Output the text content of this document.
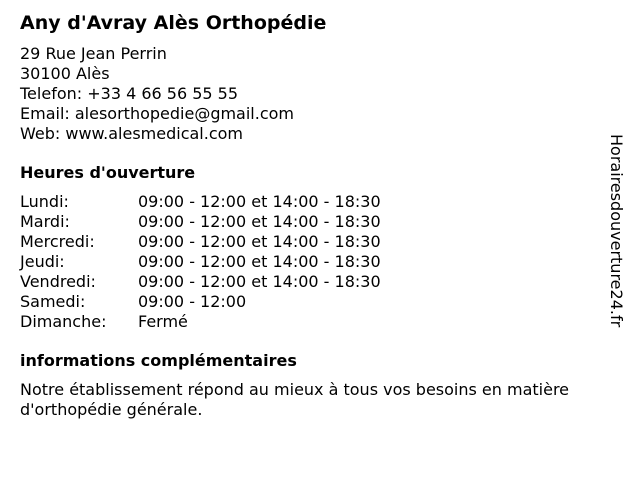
Any d'Avray Alès Orthopédie
29 Rue Jean Perrin
30100 Alès
Telefon: +33 4 66 56 55 55
Email: alesorthopedie@gmail.com
Web: www.alesmedical.com
Heures d'ouverture
Lundi:	09:00 - 12:00 et 14:00 - 18:30
Mardi:	09:00 - 12:00 et 14:00 - 18:30
Mercredi:	09:00 - 12:00 et 14:00 - 18:30
Jeudi:	09:00 - 12:00 et 14:00 - 18:30
Vendredi:	09:00 - 12:00 et 14:00 - 18:30
Samedi:	09:00 - 12:00
Dimanche:	Fermé
informations complémentaires
Notre établissement répond au mieux à tous vos besoins en matière d'orthopédie générale.
Horairesdouverture24.fr
